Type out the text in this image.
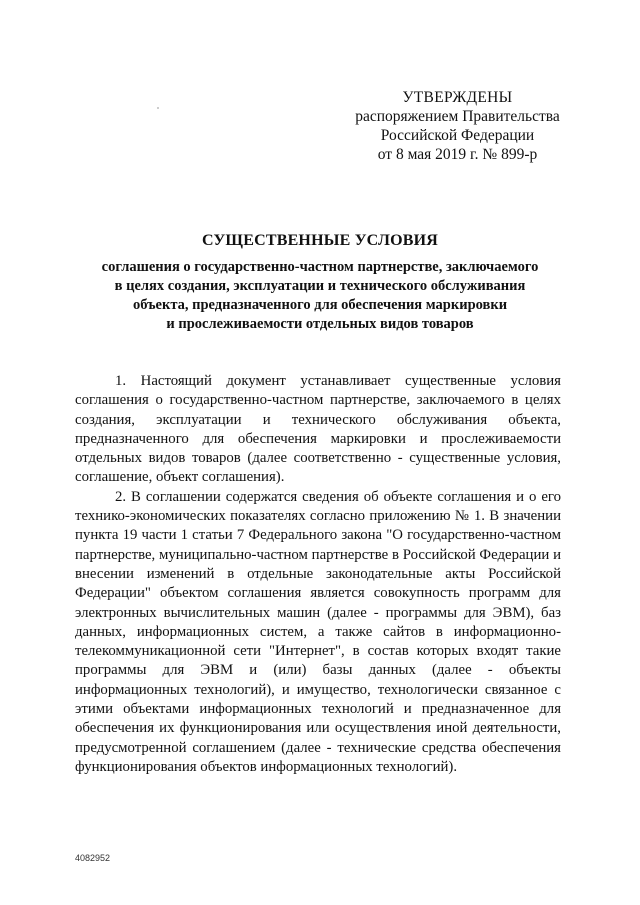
УТВЕРЖДЕНЫ
распоряжением Правительства
Российской Федерации
от 8 мая 2019 г. № 899-р
СУЩЕСТВЕННЫЕ УСЛОВИЯ
соглашения о государственно-частном партнерстве, заключаемого
в целях создания, эксплуатации и технического обслуживания
объекта, предназначенного для обеспечения маркировки
и прослеживаемости отдельных видов товаров

1. Настоящий документ устанавливает существенные условия соглашения о государственно-частном партнерстве, заключаемого в целях создания, эксплуатации и технического обслуживания объекта, предназначенного для обеспечения маркировки и прослеживаемости отдельных видов товаров (далее соответственно - существенные условия, соглашение, объект соглашения).

2. В соглашении содержатся сведения об объекте соглашения и о его технико-экономических показателях согласно приложению № 1. В значении пункта 19 части 1 статьи 7 Федерального закона "О государственно-частном партнерстве, муниципально-частном партнерстве в Российской Федерации и внесении изменений в отдельные законодательные акты Российской Федерации" объектом соглашения является совокупность программ для электронных вычислительных машин (далее - программы для ЭВМ), баз данных, информационных систем, а также сайтов в информационно-телекоммуникационной сети "Интернет", в состав которых входят такие программы для ЭВМ и (или) базы данных (далее - объекты информационных технологий), и имущество, технологически связанное с этими объектами информационных технологий и предназначенное для обеспечения их функционирования или осуществления иной деятельности, предусмотренной соглашением (далее - технические средства обеспечения функционирования объектов информационных технологий).

4082952
